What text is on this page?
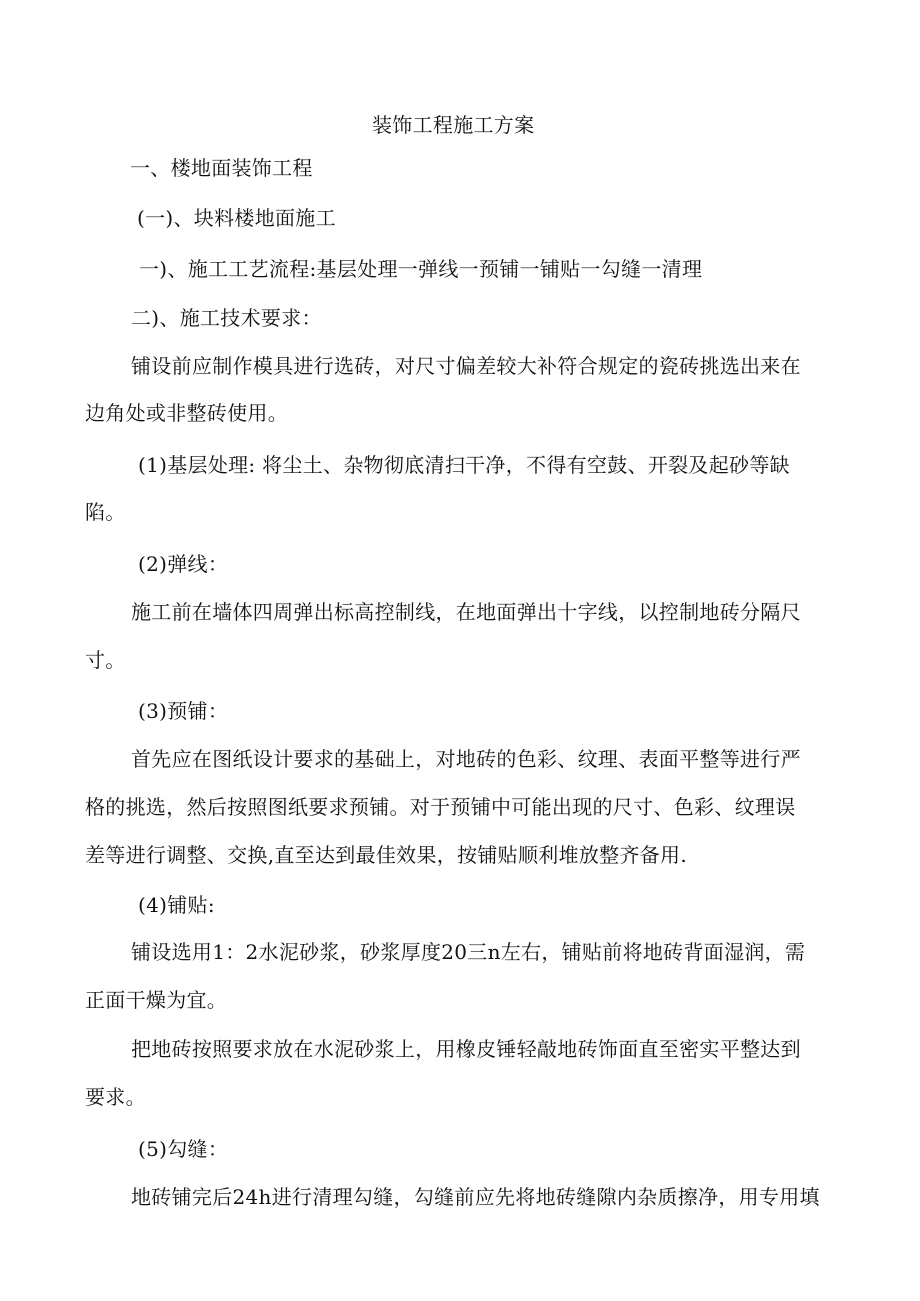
装饰工程施工方案
一、楼地面装饰工程
(一)、块料楼地面施工
一)、施工工艺流程:基层处理一弹线一预铺一铺贴一勾缝一清理
二)、施工技术要求：
铺设前应制作模具进行选砖，对尺寸偏差较大补符合规定的瓷砖挑选出来在
边角处或非整砖使用。
(1)基层处理: 将尘土、杂物彻底清扫干净，不得有空鼓、开裂及起砂等缺
陷。
(2)弹线：
施工前在墙体四周弹出标高控制线，在地面弹出十字线，以控制地砖分隔尺
寸。
(3)预铺：
首先应在图纸设计要求的基础上，对地砖的色彩、纹理、表面平整等进行严
格的挑选，然后按照图纸要求预铺。对于预铺中可能出现的尺寸、色彩、纹理误
差等进行调整、交换,直至达到最佳效果，按铺贴顺利堆放整齐备用.
(4)铺贴:
铺设选用1：2水泥砂浆，砂浆厚度20三n左右，铺贴前将地砖背面湿润，需
正面干燥为宜。
把地砖按照要求放在水泥砂浆上，用橡皮锤轻敲地砖饰面直至密实平整达到
要求。
(5)勾缝：
地砖铺完后24h进行清理勾缝，勾缝前应先将地砖缝隙内杂质擦净，用专用填
